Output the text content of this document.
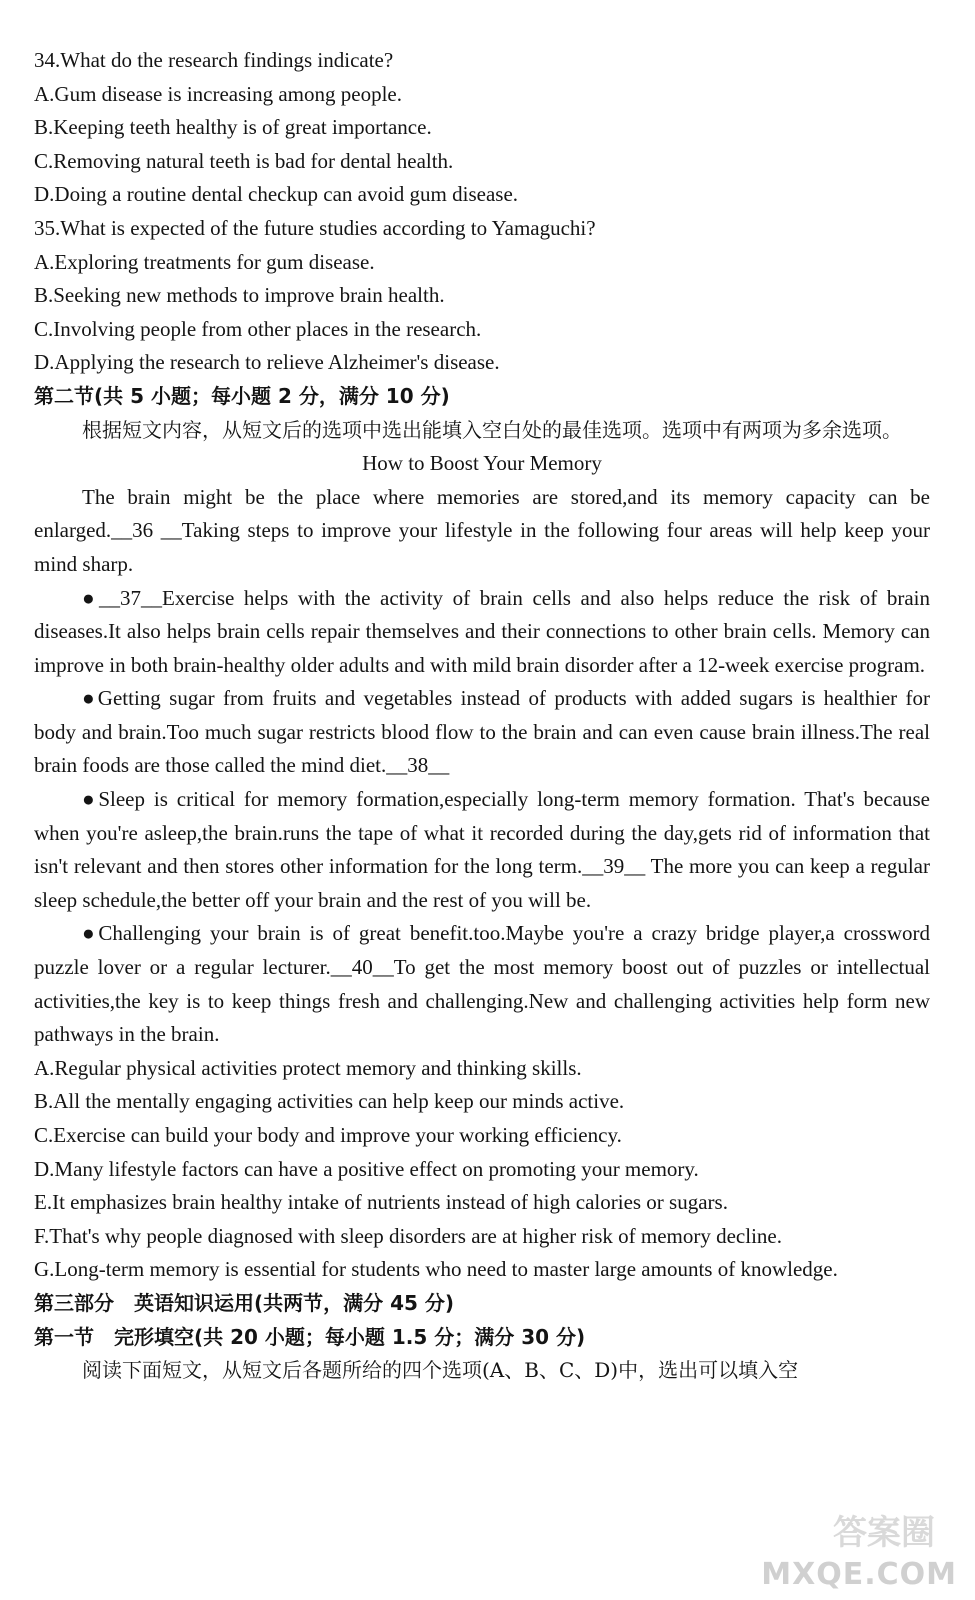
34.What do the research findings indicate?
A.Gum disease is increasing among people.
B.Keeping teeth healthy is of great importance.
C.Removing natural teeth is bad for dental health.
D.Doing a routine dental checkup can avoid gum disease.
35.What is expected of the future studies according to Yamaguchi?
A.Exploring treatments for gum disease.
B.Seeking new methods to improve brain health.
C.Involving people from other places in the research.
D.Applying the research to relieve Alzheimer's disease.
第二节(共 5 小题；每小题 2 分，满分 10 分)
根据短文内容，从短文后的选项中选出能填入空白处的最佳选项。选项中有两项为多余选项。
How to Boost Your Memory
The brain might be the place where memories are stored,and its memory capacity can be enlarged.__36 __Taking steps to improve your lifestyle in the following four areas will help keep your mind sharp.
●__37__Exercise helps with the activity of brain cells and also helps reduce the risk of brain diseases.It also helps brain cells repair themselves and their connections to other brain cells. Memory can improve in both brain-healthy older adults and with mild brain disorder after a 12-week exercise program.
●Getting sugar from fruits and vegetables instead of products with added sugars is healthier for body and brain.Too much sugar restricts blood flow to the brain and can even cause brain illness.The real brain foods are those called the mind diet.__38__
●Sleep is critical for memory formation,especially long-term memory formation. That's because when you're asleep,the brain.runs the tape of what it recorded during the day,gets rid of information that isn't relevant and then stores other information for the long term.__39__ The more you can keep a regular sleep schedule,the better off your brain and the rest of you will be.
●Challenging your brain is of great benefit.too.Maybe you're a crazy bridge player,a crossword puzzle lover or a regular lecturer.__40__To get the most memory boost out of puzzles or intellectual activities,the key is to keep things fresh and challenging.New and challenging activities help form new pathways in the brain.
A.Regular physical activities protect memory and thinking skills.
B.All the mentally engaging activities can help keep our minds active.
C.Exercise can build your body and improve your working efficiency.
D.Many lifestyle factors can have a positive effect on promoting your memory.
E.It emphasizes brain healthy intake of nutrients instead of high calories or sugars.
F.That's why people diagnosed with sleep disorders are at higher risk of memory decline.
G.Long-term memory is essential for students who need to master large amounts of knowledge.
第三部分　英语知识运用(共两节，满分 45 分)
第一节　完形填空(共 20 小题；每小题 1.5 分；满分 30 分)
阅读下面短文，从短文后各题所给的四个选项(A、B、C、D)中，选出可以填入空
答案圈
MXQE.COM
